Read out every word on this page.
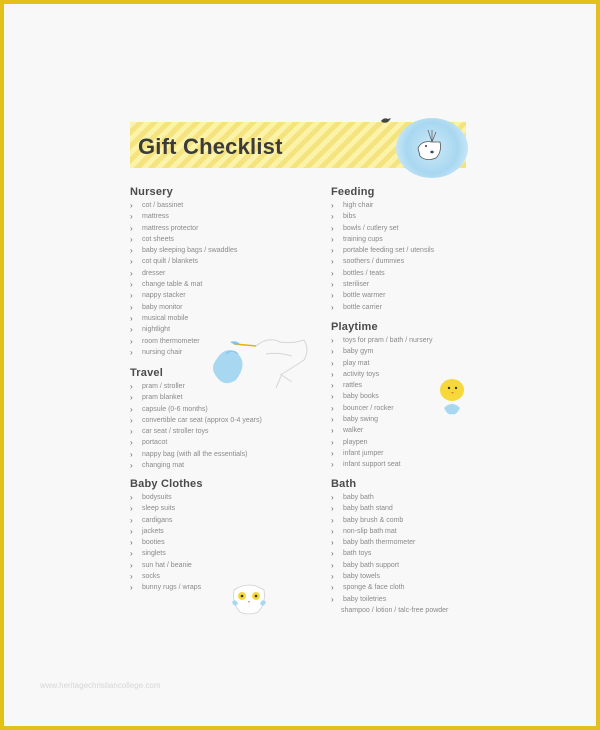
Gift Checklist
Nursery
›	cot / bassinet
›	mattress
›	mattress protector
›	cot sheets
›	baby sleeping bags / swaddles
›	cot quilt / blankets
›	dresser
›	change table & mat
›	nappy stacker
›	baby monitor
›	musical mobile
›	nightlight
›	room thermometer
›	nursing chair
Travel
›	pram / stroller
›	pram blanket
›	capsule (0-6 months)
›	convertible car seat (approx 0-4 years)
›	car seat / stroller toys
›	portacot
›	nappy bag (with all the essentials)
›	changing mat
Baby Clothes
›	bodysuits
›	sleep suits
›	cardigans
›	jackets
›	booties
›	singlets
›	sun hat / beanie
›	socks
›	bunny rugs / wraps
Feeding
›	high chair
›	bibs
›	bowls / cutlery set
›	training cups
›	portable feeding set / utensils
›	soothers / dummies
›	bottles / teats
›	steriliser
›	bottle warmer
›	bottle carrier
Playtime
›	toys for pram / bath / nursery
›	baby gym
›	play mat
›	activity toys
›	rattles
›	baby books
›	bouncer / rocker
›	baby swing
›	walker
›	playpen
›	infant jumper
›	infant support seat
Bath
›	baby bath
›	baby bath stand
›	baby brush & comb
›	non-slip bath mat
›	baby bath thermometer
›	bath toys
›	baby bath support
›	baby towels
›	sponge & face cloth
›	baby toiletries
shampoo / lotion / talc-free powder
www.heritagechristiancollege.com
